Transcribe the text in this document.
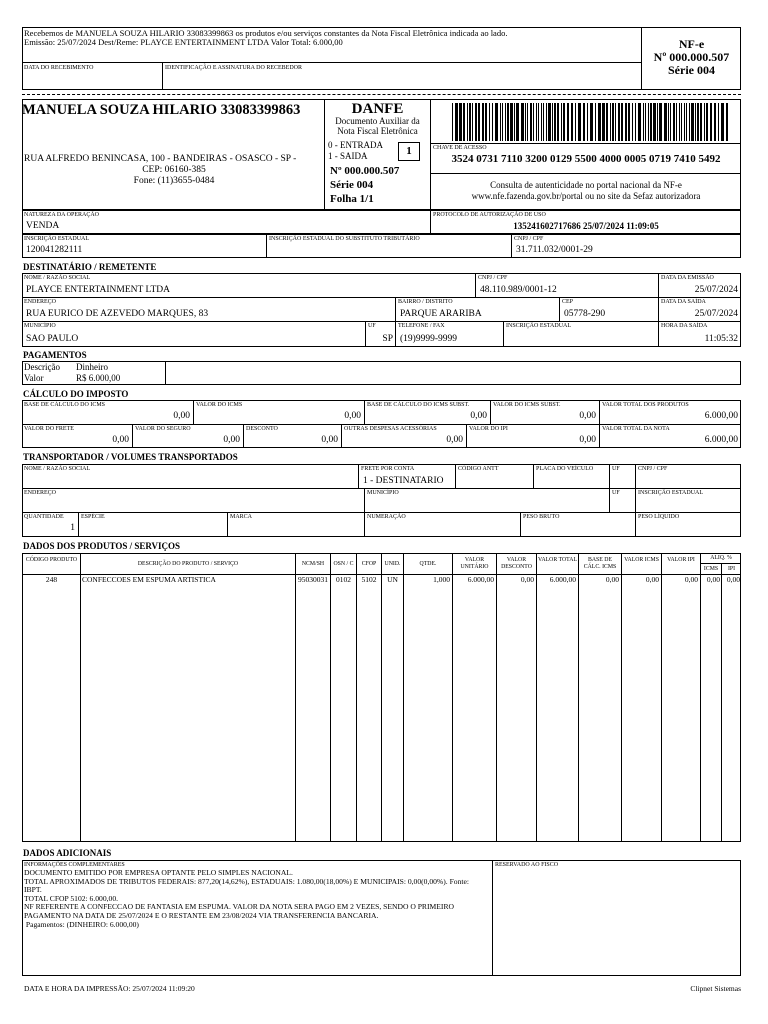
Recebemos de MANUELA SOUZA HILARIO 33083399863 os produtos e/ou serviços constantes da Nota Fiscal Eletrônica indicada ao lado.
Emissão: 25/07/2024 Dest/Reme: PLAYCE ENTERTAINMENT LTDA Valor Total: 6.000,00
DATA DO RECEBIMENTO	IDENTIFICAÇÃO E ASSINATURA DO RECEBEDOR
NF-e
Nº 000.000.507
Série 004
MANUELA SOUZA HILARIO 33083399863
RUA ALFREDO BENINCASA, 100 - BANDEIRAS - OSASCO - SP -
CEP: 06160-385
Fone: (11)3655-0484
DANFE
Documento Auxiliar da
Nota Fiscal Eletrônica
0 - ENTRADA
1 - SAIDA	1
Nº 000.000.507
Série 004
Folha 1/1
CHAVE DE ACESSO
3524 0731 7110 3200 0129 5500 4000 0005 0719 7410 5492
Consulta de autenticidade no portal nacional da NF-e
www.nfe.fazenda.gov.br/portal ou no site da Sefaz autorizadora
NATUREZA DA OPERAÇÃO
VENDA
PROTOCOLO DE AUTORIZAÇÃO DE USO
135241602717686 25/07/2024 11:09:05
INSCRIÇÃO ESTADUAL
120041282111
INSCRIÇÃO ESTADUAL DO SUBSTITUTO TRIBUTÁRIO	CNPJ / CPF
31.711.032/0001-29
DESTINATÁRIO / REMETENTE
NOME / RAZÃO SOCIAL
PLAYCE ENTERTAINMENT LTDA
CNPJ / CPF
48.110.989/0001-12
DATA DA EMISSÃO
25/07/2024
ENDEREÇO
RUA EURICO DE AZEVEDO MARQUES, 83
BAIRRO / DISTRITO
PARQUE ARARIBA
CEP
05778-290
DATA DA SAÍDA
25/07/2024
MUNICÍPIO
SAO PAULO
UF
SP
TELEFONE / FAX
(19)9999-9999
INSCRIÇÃO ESTADUAL	HORA DA SAÍDA
11:05:32
PAGAMENTOS
Descrição Dinheiro
Valor	R$ 6.000,00
CÁLCULO DO IMPOSTO
BASE DE CÁLCULO DO ICMS
0,00
VALOR DO ICMS
0,00
BASE DE CÁLCULO DO ICMS SUBST.
0,00
VALOR DO ICMS SUBST.
0,00
VALOR TOTAL DOS PRODUTOS
6.000,00
VALOR DO FRETE
0,00
VALOR DO SEGURO
0,00
DESCONTO
0,00
OUTRAS DESPESAS ACESSÓRIAS
0,00
VALOR DO IPI
0,00
VALOR TOTAL DA NOTA
6.000,00
TRANSPORTADOR / VOLUMES TRANSPORTADOS
NOME / RAZÃO SOCIAL	FRETE POR CONTA
1 - DESTINATARIO
CÓDIGO ANTT	PLACA DO VEÍCULO	UF	CNPJ / CPF
ENDEREÇO	MUNICÍPIO	UF	INSCRIÇÃO ESTADUAL
QUANTIDADE
1
ESPÉCIE	MARCA	NUMERAÇÃO	PESO BRUTO	PESO LÍQUIDO
DADOS DOS PRODUTOS / SERVIÇOS
CÓDIGO PRODUTO
DESCRIÇÃO DO PRODUTO / SERVIÇO	NCM/SH	OSN / C	CFOP	UNID.	QTDE.
VALOR UNITÁRIO
VALOR DESCONTO
VALOR TOTAL	BASE DE CÁLC. ICMS
VALOR ICMS	VALOR IPI	ALIQ. %
ICMS	IPI
248	CONFECCOES EM ESPUMA ARTISTICA	95030031	0102	5102	UN	1,000	6.000,00	0,00	6.000,00	0,00	0,00	0,00	0,00 0,00
DADOS ADICIONAIS
INFORMAÇÕES COMPLEMENTARES
DOCUMENTO EMITIDO POR EMPRESA OPTANTE PELO SIMPLES NACIONAL.
TOTAL APROXIMADOS DE TRIBUTOS FEDERAIS: 877,20(14,62%), ESTADUAIS: 1.080,00(18,00%) E MUNICIPAIS: 0,00(0,00%). Fonte:
IBPT.
TOTAL CFOP 5102: 6.000,00.
NF REFERENTE A CONFECCAO DE FANTASIA EM ESPUMA. VALOR DA NOTA SERA PAGO EM 2 VEZES, SENDO O PRIMEIRO
PAGAMENTO NA DATA DE 25/07/2024 E O RESTANTE EM 23/08/2024 VIA TRANSFERENCIA BANCARIA.
Pagamentos: (DINHEIRO: 6.000,00)
RESERVADO AO FISCO
DATA E HORA DA IMPRESSÃO: 25/07/2024 11:09:20	Clipnet Sistemas
